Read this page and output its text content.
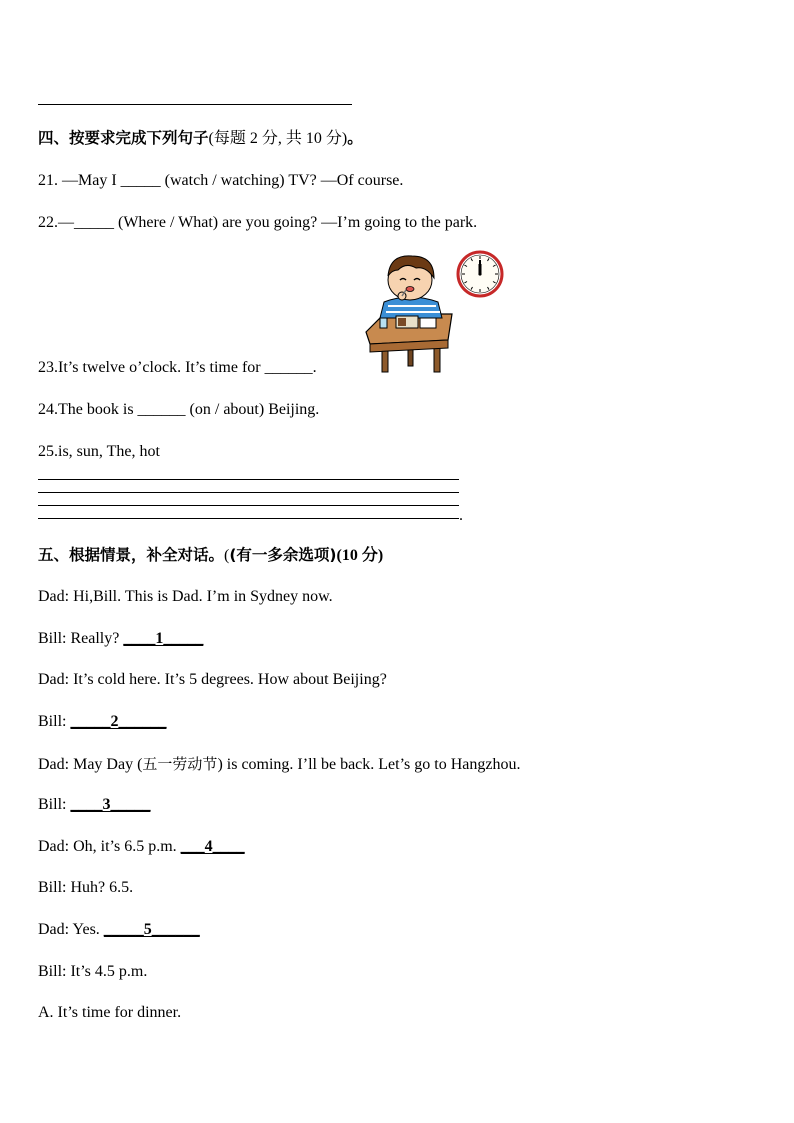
四、按要求完成下列句子(每题 2 分, 共 10 分)。
21. —May I _____ (watch / watching) TV? —Of course.
22.—_____ (Where / What) are you going? —I’m going to the park.
23.It’s twelve o’clock. It’s time for ______.
24.The book is ______ (on / about) Beijing.
25.is, sun, The, hot
.
五、根据情景，补全对话。((有一多余选项)(10 分)
Dad: Hi,Bill. This is Dad. I’m in Sydney now.
Bill: Really? ____1_____
Dad: It’s cold here. It’s 5 degrees. How about Beijing?
Bill: _____2______
Dad: May Day (五一劳动节) is coming. I’ll be back. Let’s go to Hangzhou.
Bill: ____3_____
Dad: Oh, it’s 6.5 p.m. ___4____
Bill: Huh? 6.5.
Dad: Yes. _____5______
Bill: It’s 4.5 p.m.
A. It’s time for dinner.
